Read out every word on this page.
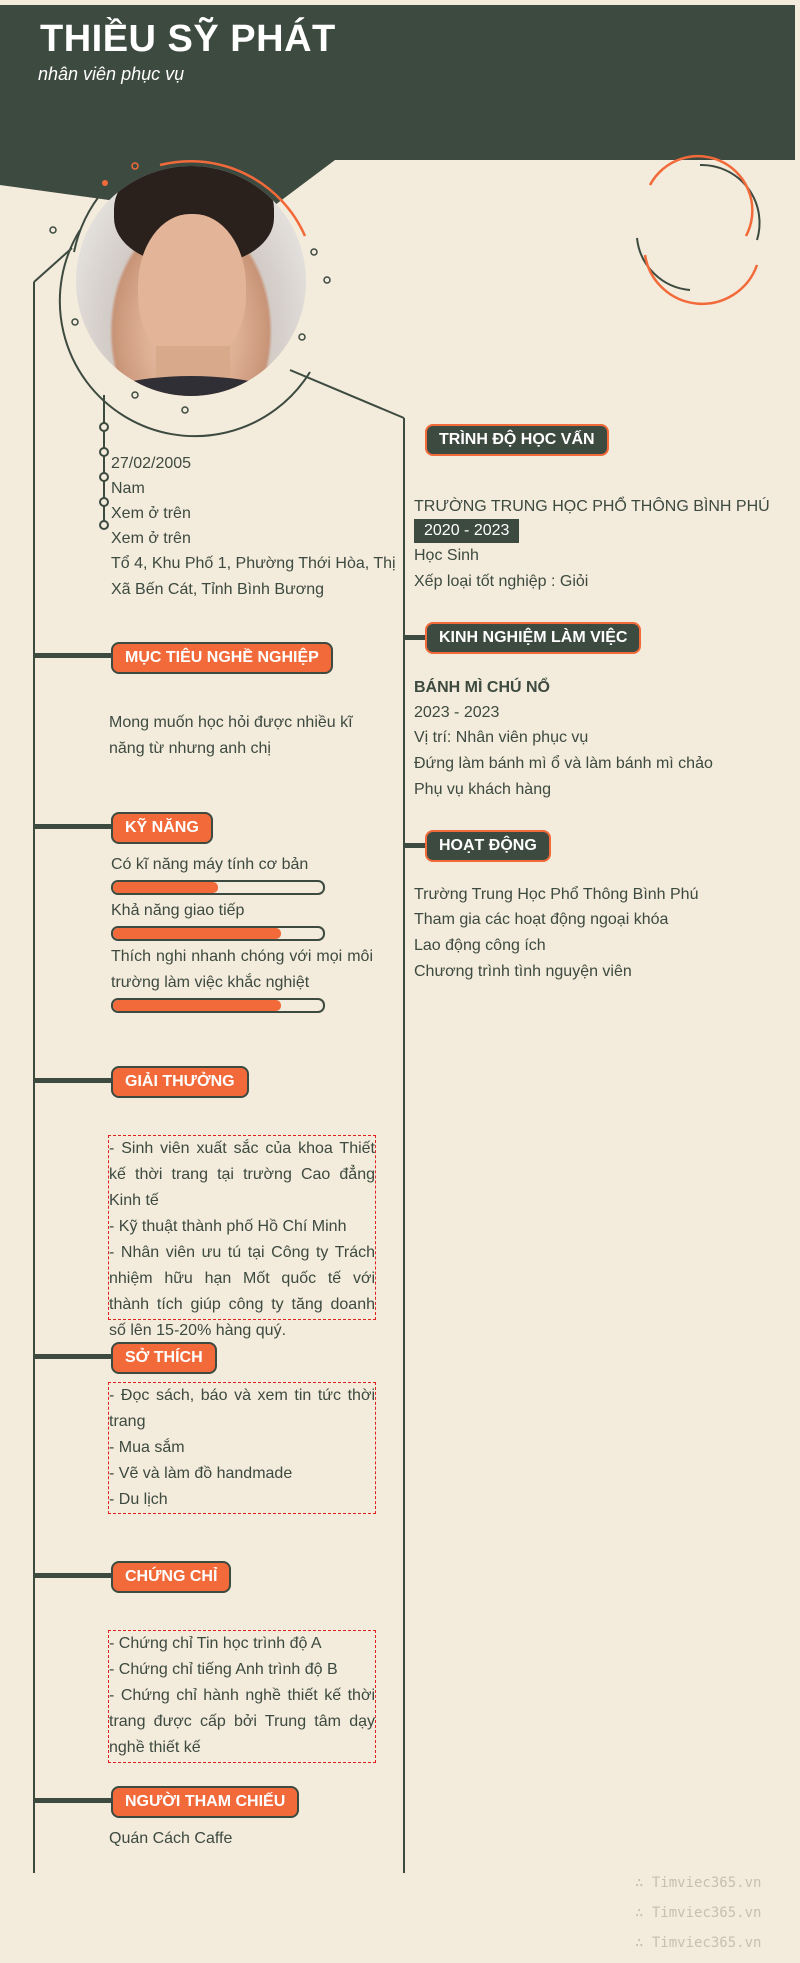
THIỀU SỸ PHÁT
nhân viên phục vụ
27/02/2005
Nam
Xem ở trên
Xem ở trên
Tổ 4, Khu Phố 1, Phường Thới Hòa, Thị Xã Bến Cát, Tỉnh Bình Bương
MỤC TIÊU NGHỀ NGHIỆP
Mong muốn học hỏi được nhiều kĩ năng từ nhưng anh chị
KỸ NĂNG
Có kĩ năng máy tính cơ bản
Khả năng giao tiếp
Thích nghi nhanh chóng với mọi môi trường làm việc khắc nghiệt
GIẢI THƯỞNG
- Sinh viên xuất sắc của khoa Thiết kế thời trang tại trường Cao đẳng Kinh tế
- Kỹ thuật thành phố Hồ Chí Minh
- Nhân viên ưu tú tại Công ty Trách nhiệm hữu hạn Mốt quốc tế với thành tích giúp công ty tăng doanh số lên 15-20% hàng quý.
SỞ THÍCH
- Đọc sách, báo và xem tin tức thời trang
- Mua sắm
- Vẽ và làm đồ handmade
- Du lịch
CHỨNG CHỈ
- Chứng chỉ Tin học trình độ A
- Chứng chỉ tiếng Anh trình độ B
- Chứng chỉ hành nghề thiết kế thời trang được cấp bởi Trung tâm dạy nghề thiết kế
NGƯỜI THAM CHIẾU
Quán Cách Caffe
TRÌNH ĐỘ HỌC VẤN
TRƯỜNG TRUNG HỌC PHỔ THÔNG BÌNH PHÚ
2020 - 2023
Học Sinh
Xếp loại tốt nghiệp : Giỏi
KINH NGHIỆM LÀM VIỆC
BÁNH MÌ CHÚ NỔ
2023 - 2023
Vị trí: Nhân viên phục vụ
Đứng làm bánh mì ổ và làm bánh mì chảo
Phụ vụ khách hàng
HOẠT ĐỘNG
Trường Trung Học Phổ Thông Bình Phú
Tham gia các hoạt động ngoại khóa
Lao động công ích
Chương trình tình nguyện viên
∴ Timviec365.vn
∴ Timviec365.vn
∴ Timviec365.vn
